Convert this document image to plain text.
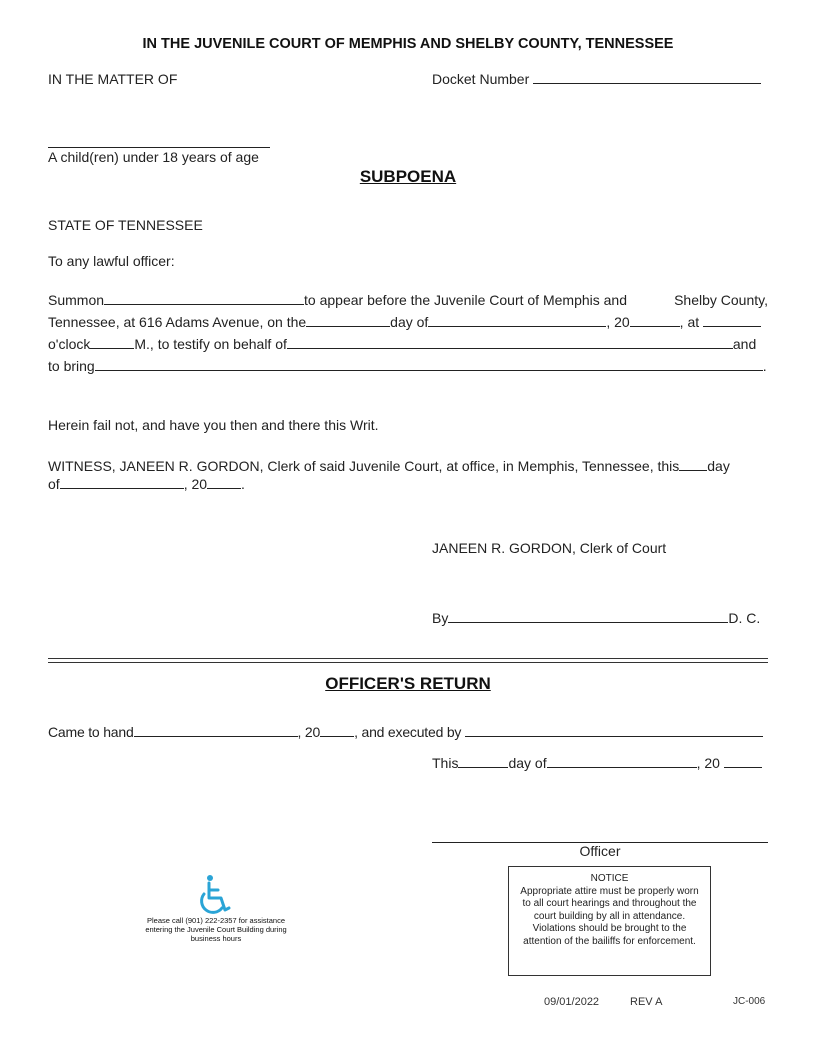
IN THE JUVENILE COURT OF MEMPHIS AND SHELBY COUNTY, TENNESSEE
IN THE MATTER OF	Docket Number
A child(ren) under 18 years of age
SUBPOENA
STATE OF TENNESSEE
To any lawful officer:
Summon	to appear before the Juvenile Court of Memphis and	Shelby County,
Tennessee, at 616 Adams Avenue, on the	day of	, 20	, at
o'clock	M., to testify on behalf of	and
to bring	.
Herein fail not, and have you then and there this Writ.
WITNESS, JANEEN R. GORDON, Clerk of said Juvenile Court, at office, in Memphis, Tennessee, this day
of	, 20 .
JANEEN R. GORDON, Clerk of Court
By	D. C.
OFFICER'S RETURN
Came to hand	, 20 , and executed by
This	day of	, 20
Officer
Please call (901) 222-2357 for assistance entering the Juvenile Court Building during business hours

NOTICE

Appropriate attire must be properly worn to all court hearings and throughout the court building by all in attendance. Violations should be brought to the attention of the bailiffs for enforcement.

09/01/2022	REV A	JC-006
